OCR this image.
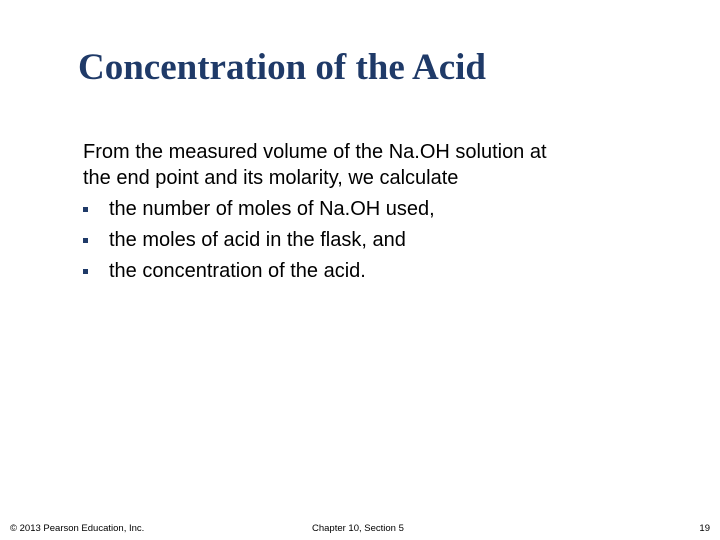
Concentration of the Acid
From the measured volume of the Na.OH solution at
the end point and its molarity, we calculate
the number of moles of Na.OH used,
the moles of acid in the flask, and
the concentration of the acid.
© 2013 Pearson Education, Inc.	Chapter 10, Section 5	19
